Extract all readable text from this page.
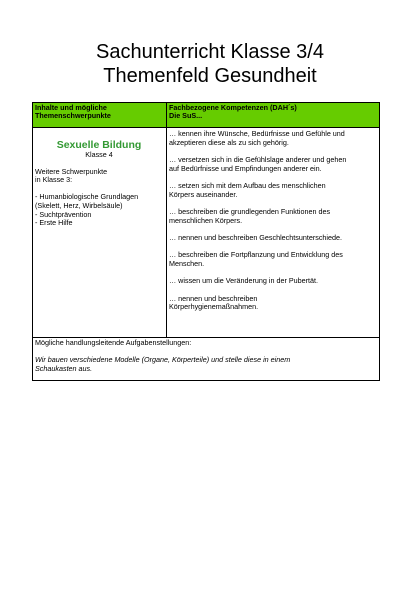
Sachunterricht Klasse 3/4
Themenfeld Gesundheit
Inhalte und mögliche
Themenschwerpunkte
Fachbezogene Kompetenzen (DAH´s)
Die SuS...
Sexuelle Bildung
Klasse 4
Weitere Schwerpunkte
in Klasse 3:
- Humanbiologische Grundlagen
(Skelett, Herz, Wirbelsäule)
- Suchtprävention
- Erste Hilfe
… kennen ihre Wünsche, Bedürfnisse und Gefühle und
akzeptieren diese als zu sich gehörig.
… versetzen sich in die Gefühlslage anderer und gehen
auf Bedürfnisse und Empfindungen anderer ein.
… setzen sich mit dem Aufbau des menschlichen
Körpers auseinander.
… beschreiben die grundlegenden Funktionen des
menschlichen Körpers.
… nennen und beschreiben Geschlechtsunterschiede.
… beschreiben die Fortpflanzung und Entwicklung des
Menschen.
… wissen um die Veränderung in der Pubertät.
… nennen und beschreiben
Körperhygienemaßnahmen.
Mögliche handlungsleitende Aufgabenstellungen:
Wir bauen verschiedene Modelle (Organe, Körperteile) und stelle diese in einem
Schaukasten aus.
